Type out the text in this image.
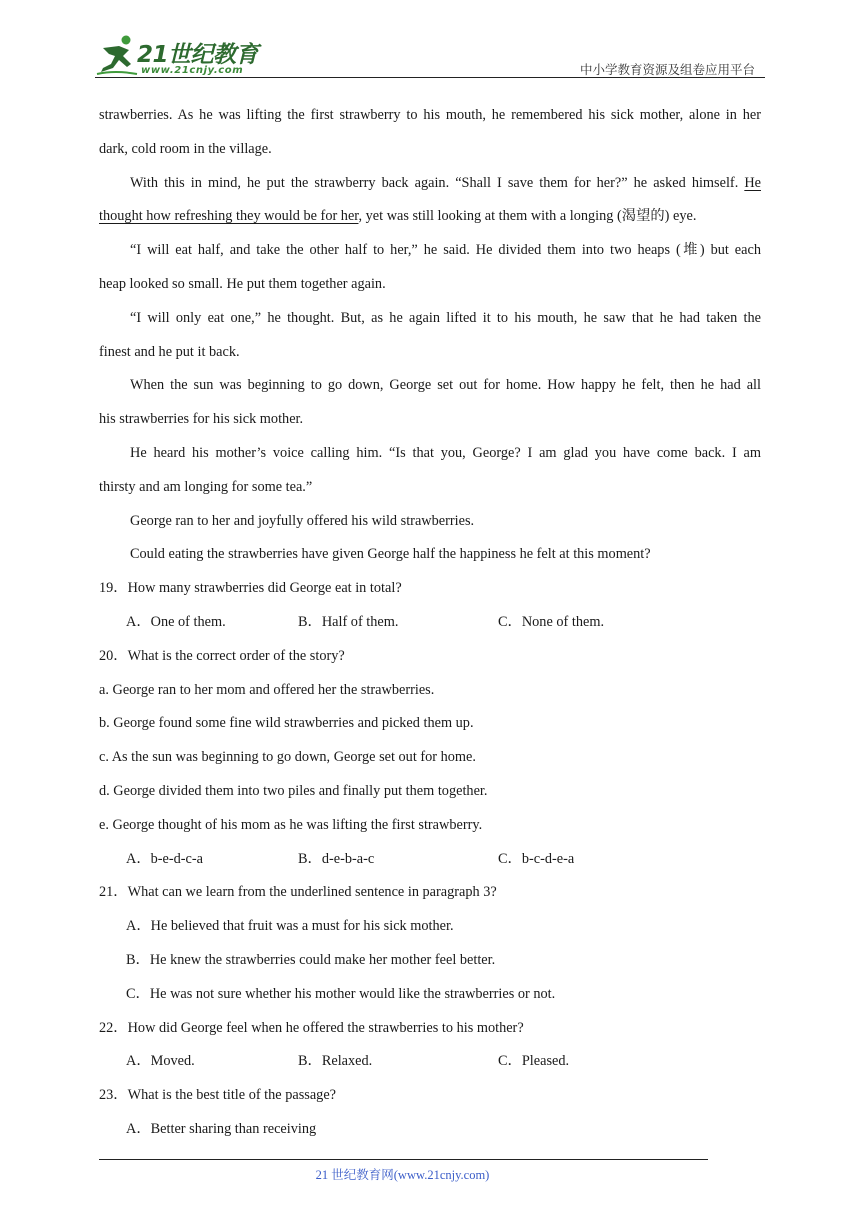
21世纪教育
www.21cnjy.com	中小学教育资源及组卷应用平台
strawberries. As he was lifting the first strawberry to his mouth, he remembered his sick mother, alone in her
dark, cold room in the village.
With this in mind, he put the strawberry back again. “Shall I save them for her?” he asked himself. He
thought how refreshing they would be for her, yet was still looking at them with a longing (渴望的) eye.
“I will eat half, and take the other half to her,” he said. He divided them into two heaps (堆) but each
heap looked so small. He put them together again.
“I will only eat one,” he thought. But, as he again lifted it to his mouth, he saw that he had taken the
finest and he put it back.
When the sun was beginning to go down, George set out for home. How happy he felt, then he had all
his strawberries for his sick mother.
He heard his mother’s voice calling him. “Is that you, George? I am glad you have come back. I am
thirsty and am longing for some tea.”
George ran to her and joyfully offered his wild strawberries.
Could eating the strawberries have given George half the happiness he felt at this moment?
19．How many strawberries did George eat in total?
A．One of them.	B．Half of them.	C．None of them.
20．What is the correct order of the story?
a. George ran to her mom and offered her the strawberries.
b. George found some fine wild strawberries and picked them up.
c. As the sun was beginning to go down, George set out for home.
d. George divided them into two piles and finally put them together.
e. George thought of his mom as he was lifting the first strawberry.
A．b-e-d-c-a	B．d-e-b-a-c	C．b-c-d-e-a
21．What can we learn from the underlined sentence in paragraph 3?
A．He believed that fruit was a must for his sick mother.
B．He knew the strawberries could make her mother feel better.
C．He was not sure whether his mother would like the strawberries or not.
22．How did George feel when he offered the strawberries to his mother?
A．Moved.	B．Relaxed.	C．Pleased.
23．What is the best title of the passage?
A．Better sharing than receiving
21 世纪教育网(www.21cnjy.com)
